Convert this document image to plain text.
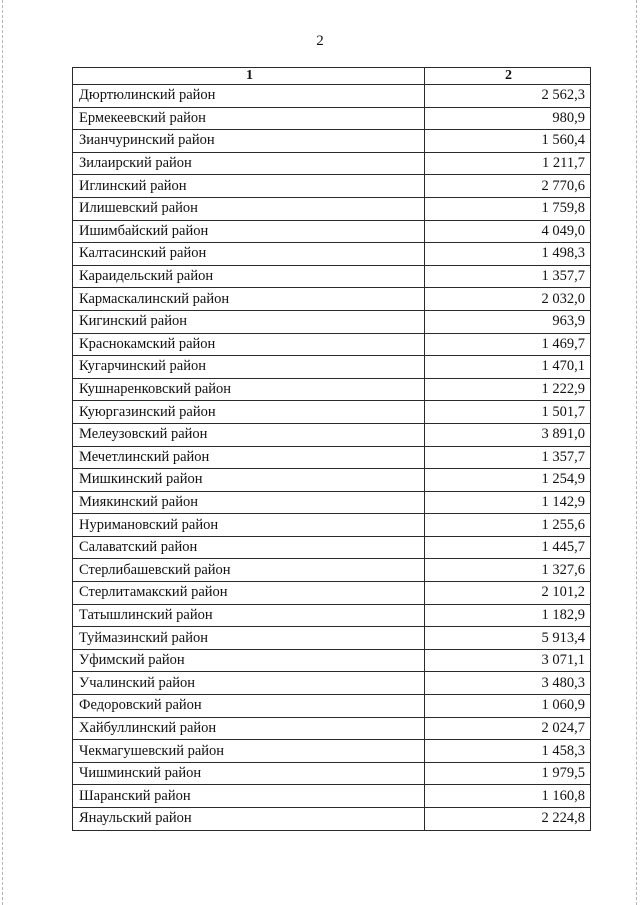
2
1	2
Дюртюлинский район	2 562,3
Ермекеевский район	980,9
Зианчуринский район	1 560,4
Зилаирский район	1 211,7
Иглинский район	2 770,6
Илишевский район	1 759,8
Ишимбайский район	4 049,0
Калтасинский район	1 498,3
Караидельский район	1 357,7
Кармаскалинский район	2 032,0
Кигинский район	963,9
Краснокамский район	1 469,7
Кугарчинский район	1 470,1
Кушнаренковский район	1 222,9
Куюргазинский район	1 501,7
Мелеузовский район	3 891,0
Мечетлинский район	1 357,7
Мишкинский район	1 254,9
Миякинский район	1 142,9
Нуримановский район	1 255,6
Салаватский район	1 445,7
Стерлибашевский район	1 327,6
Стерлитамакский район	2 101,2
Татышлинский район	1 182,9
Туймазинский район	5 913,4
Уфимский район	3 071,1
Учалинский район	3 480,3
Федоровский район	1 060,9
Хайбуллинский район	2 024,7
Чекмагушевский район	1 458,3
Чишминский район	1 979,5
Шаранский район	1 160,8
Янаульский район	2 224,8
